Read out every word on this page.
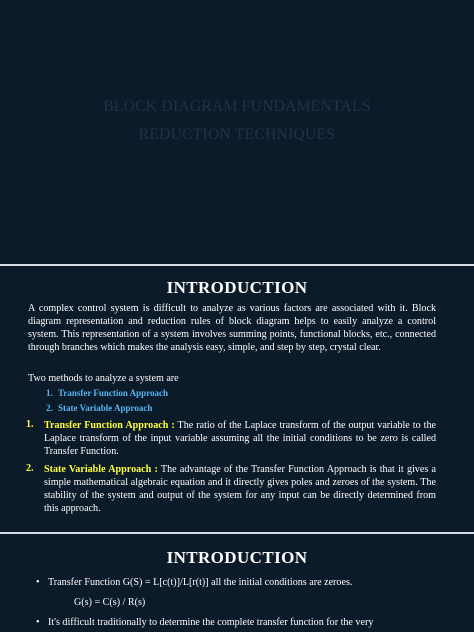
BLOCK DIAGRAM FUNDAMENTALS
REDUCTION TECHNIQUES
INTRODUCTION
A complex control system is difficult to analyze as various factors are associated with it. Block diagram representation and reduction rules of block diagram helps to easily analyze a control system. This representation of a system involves summing points, functional blocks, etc., connected through branches which makes the analysis easy, simple, and step by step, crystal clear.
Two methods to analyze a system are
1. Transfer Function Approach
2. State Variable Approach
1. Transfer Function Approach : The ratio of the Laplace transform of the output variable to the Laplace transform of the input variable assuming all the initial conditions to be zero is called Transfer Function.
2. State Variable Approach : The advantage of the Transfer Function Approach is that it gives a simple mathematical algebraic equation and it directly gives poles and zeroes of the system. The stability of the system and output of the system for any input can be directly determined from this approach.
INTRODUCTION
• Transfer Function G(S) = L[c(t)]/L[r(t)] all the initial conditions are zeroes.
G(s) = C(s) / R(s)
• It's difficult traditionally to determine the complete transfer function for the very
